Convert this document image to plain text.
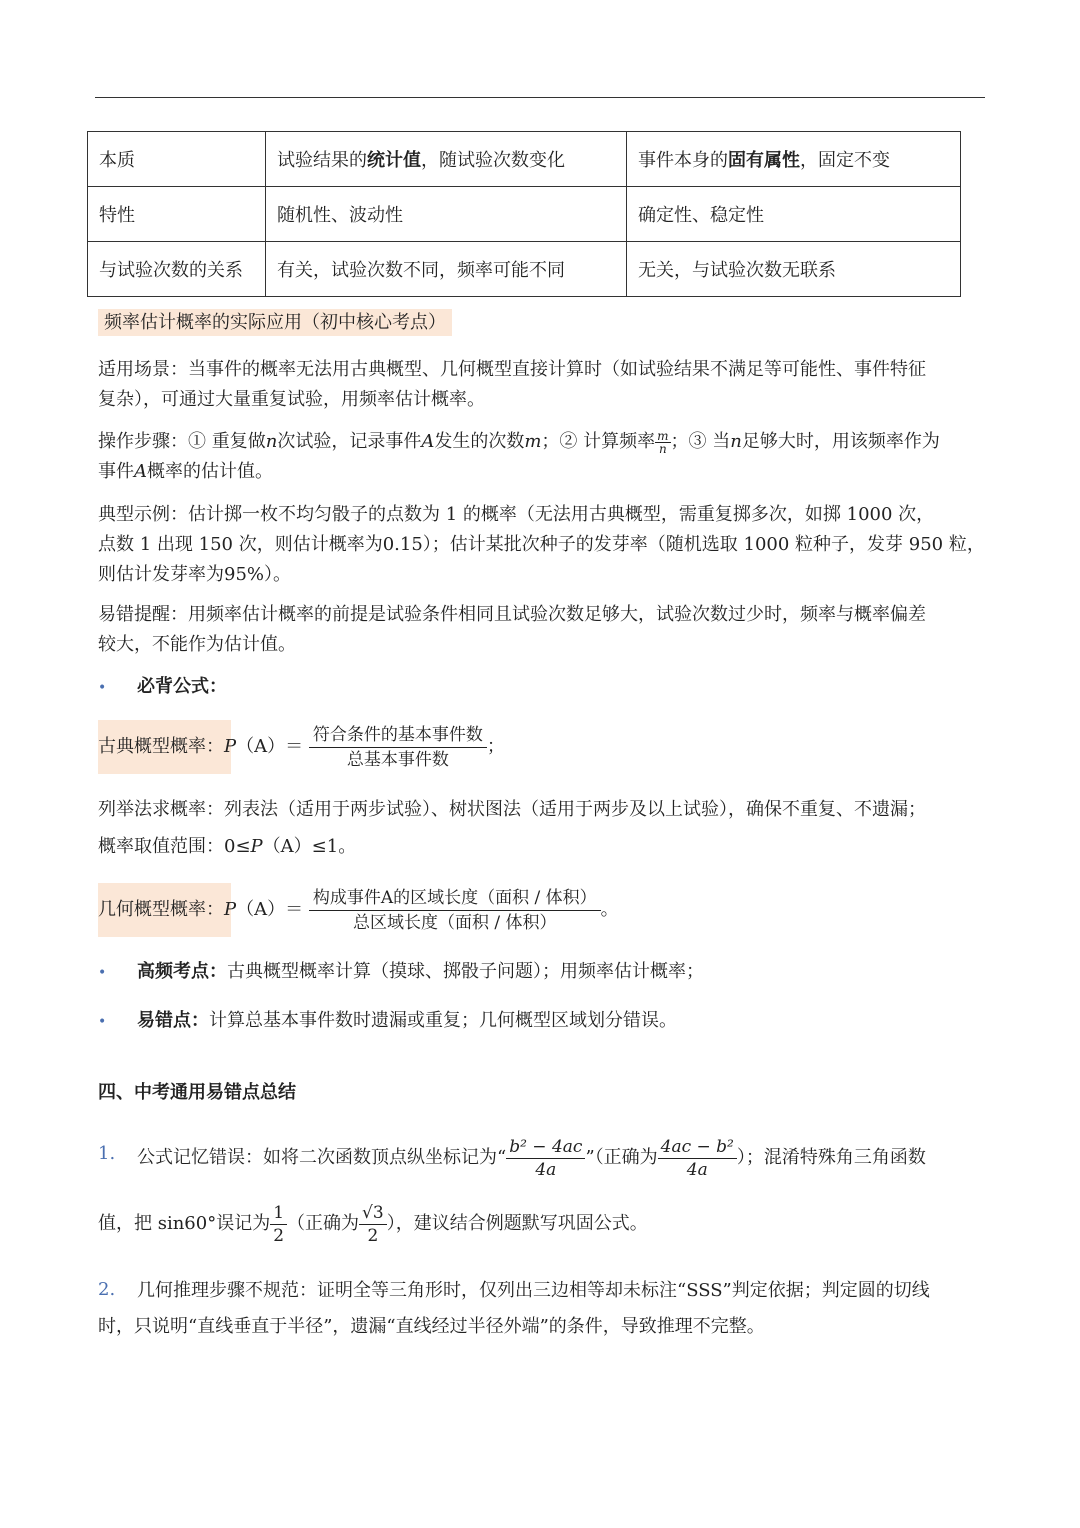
本质	试验结果的统计值，随试验次数变化	事件本身的固有属性，固定不变
特性	随机性、波动性	确定性、稳定性
与试验次数的关系	有关，试验次数不同，频率可能不同	无关，与试验次数无联系
频率估计概率的实际应用（初中核心考点）
适用场景：当事件的概率无法用古典概型、几何概型直接计算时（如试验结果不满足等可能性、事件特征
复杂），可通过大量重复试验，用频率估计概率。
操作步骤：① 重复做n次试验，记录事件A发生的次数m；② 计算频率 $\frac{m}{n}$ ；③ 当n足够大时，用该频率作为
事件A概率的估计值。
典型示例：估计掷一枚不均匀骰子的点数为 1 的概率（无法用古典概型，需重复掷多次，如掷 1000 次，
点数 1 出现 150 次，则估计概率为0.15）；估计某批次种子的发芽率（随机选取 1000 粒种子，发芽 950 粒，
则估计发芽率为95%）。
易错提醒：用频率估计概率的前提是试验条件相同且试验次数足够大，试验次数过少时，频率与概率偏差
较大，不能作为估计值。
• 必背公式：
古典概型概率：$P(A)= \frac{\text{符合条件的基本事件数}}{\text{总基本事件数}}$ ；
列举法求概率：列表法（适用于两步试验）、树状图法（适用于两步及以上试验），确保不重复、不遗漏；
概率取值范围：0≤P（A）≤1。
几何概型概率：$P(A)= \frac{\text{构成事件A的区域长度（面积 / 体积）}}{\text{总区域长度（面积 / 体积）}}$ 。
• 高频考点：古典概型概率计算（摸球、掷骰子问题）；用频率估计概率；
• 易错点：计算总基本事件数时遗漏或重复；几何概型区域划分错误。
四、中考通用易错点总结
1. 公式记忆错误：如将二次函数顶点纵坐标记为“ $\frac{\text{b² − 4ac}}{4a}$ ”（正确为 $\frac{\text{4ac − b²}}{4a}$ ）；混淆特殊角三角函数
值，把 sin60°误记为 $\frac{1}{2}$ （正确为 $\frac{√3}{2}$ ），建议结合例题默写巩固公式。
2. 几何推理步骤不规范：证明全等三角形时，仅列出三边相等却未标注“SSS”判定依据；判定圆的切线
时，只说明“直线垂直于半径”，遗漏“直线经过半径外端”的条件，导致推理不完整。
